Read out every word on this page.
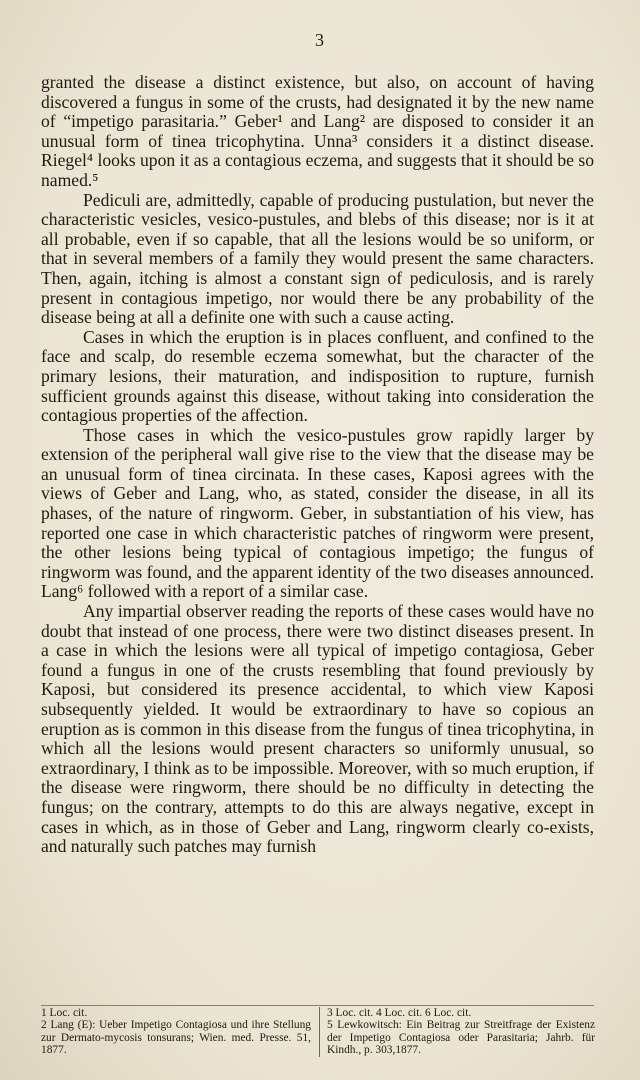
3

granted the disease a distinct existence, but also, on account of having discovered a fungus in some of the crusts, had designated it by the new name of “impetigo parasitaria.” Geber¹ and Lang² are disposed to consider it an unusual form of tinea tricophytina. Unna³ considers it a distinct disease. Riegel⁴ looks upon it as a contagious eczema, and suggests that it should be so named.⁵

Pediculi are, admittedly, capable of producing pustulation, but never the characteristic vesicles, vesico-pustules, and blebs of this disease; nor is it at all probable, even if so capable, that all the lesions would be so uniform, or that in several members of a family they would present the same characters. Then, again, itching is almost a constant sign of pediculosis, and is rarely present in contagious impetigo, nor would there be any probability of the disease being at all a definite one with such a cause acting.

Cases in which the eruption is in places confluent, and confined to the face and scalp, do resemble eczema somewhat, but the character of the primary lesions, their maturation, and indisposition to rupture, furnish sufficient grounds against this disease, without taking into consideration the contagious properties of the affection.

Those cases in which the vesico-pustules grow rapidly larger by extension of the peripheral wall give rise to the view that the disease may be an unusual form of tinea circinata. In these cases, Kaposi agrees with the views of Geber and Lang, who, as stated, consider the disease, in all its phases, of the nature of ringworm. Geber, in substantiation of his view, has reported one case in which characteristic patches of ringworm were present, the other lesions being typical of contagious impetigo; the fungus of ringworm was found, and the apparent identity of the two diseases announced. Lang⁶ followed with a report of a similar case.

Any impartial observer reading the reports of these cases would have no doubt that instead of one process, there were two distinct diseases present. In a case in which the lesions were all typical of impetigo contagiosa, Geber found a fungus in one of the crusts resembling that found previously by Kaposi, but considered its presence accidental, to which view Kaposi subsequently yielded. It would be extraordinary to have so copious an eruption as is common in this disease from the fungus of tinea tricophytina, in which all the lesions would present characters so uniformly unusual, so extraordinary, I think as to be impossible. Moreover, with so much eruption, if the disease were ringworm, there should be no difficulty in detecting the fungus; on the contrary, attempts to do this are always negative, except in cases in which, as in those of Geber and Lang, ringworm clearly co-exists, and naturally such patches may furnish

1 Loc. cit.
2 Lang (E): Ueber Impetigo Contagiosa und ihre Stellung zur Dermato-mycosis tonsurans; Wien. med. Presse. 51, 1877.
3 Loc. cit. 4 Loc. cit. 6 Loc. cit.
5 Lewkowitsch: Ein Beitrag zur Streitfrage der Existenz der Impetigo Contagiosa oder Parasitaria; Jahrb. für Kindh., p. 303,1877.
